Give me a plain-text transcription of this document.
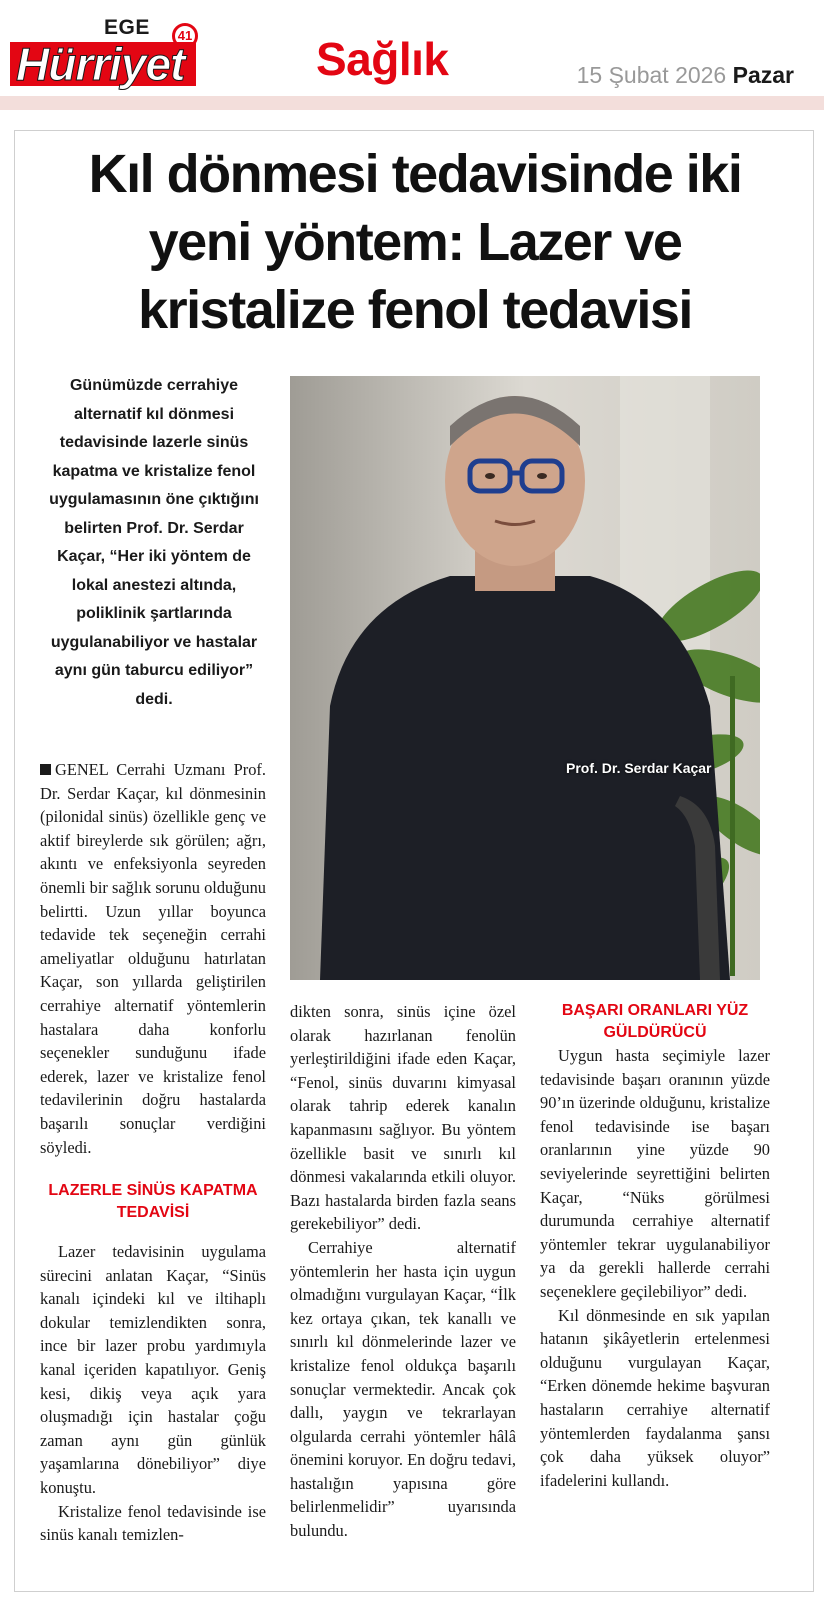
EGE	41
Hürriyet	Sağlık	15 Şubat 2026 Pazar
Kıl dönmesi tedavisinde iki yeni yöntem: Lazer ve kristalize fenol tedavisi
Günümüzde cerrahiye alternatif kıl dönmesi tedavisinde lazerle sinüs kapatma ve kristalize fenol uygulamasının öne çıktığını belirten Prof. Dr. Serdar Kaçar, “Her iki yöntem de lokal anestezi altında, poliklinik şartlarında uygulanabiliyor ve hastalar aynı gün taburcu ediliyor” dedi.
Prof. Dr. Serdar Kaçar

GENEL Cerrahi Uzmanı Prof. Dr. Serdar Kaçar, kıl dönmesinin (pilonidal sinüs) özellikle genç ve aktif bireylerde sık görülen; ağrı, akıntı ve enfeksiyonla seyreden önemli bir sağlık sorunu olduğunu belirtti. Uzun yıllar boyunca tedavide tek seçeneğin cerrahi ameliyatlar olduğunu hatırlatan Kaçar, son yıllarda geliştirilen cerrahiye alternatif yöntemlerin hastalara daha konforlu seçenekler sunduğunu ifade ederek, lazer ve kristalize fenol tedavilerinin doğru hastalarda başarılı sonuçlar verdiğini söyledi.

LAZERLE SİNÜS KAPATMA TEDAVİSİ

Lazer tedavisinin uygulama sürecini anlatan Kaçar, “Sinüs kanalı içindeki kıl ve iltihaplı dokular temizlendikten sonra, ince bir lazer probu yardımıyla kanal içeriden kapatılıyor. Geniş kesi, dikiş veya açık yara oluşmadığı için hastalar çoğu zaman aynı gün günlük yaşamlarına dönebiliyor” diye konuştu.

Kristalize fenol tedavisinde ise sinüs kanalı temizlen-

dikten sonra, sinüs içine özel olarak hazırlanan fenolün yerleştirildiğini ifade eden Kaçar, “Fenol, sinüs duvarını kimyasal olarak tahrip ederek kanalın kapanmasını sağlıyor. Bu yöntem özellikle basit ve sınırlı kıl dönmesi vakalarında etkili oluyor. Bazı hastalarda birden fazla seans gerekebiliyor” dedi.

Cerrahiye alternatif yöntemlerin her hasta için uygun olmadığını vurgulayan Kaçar, “İlk kez ortaya çıkan, tek kanallı ve sınırlı kıl dönmelerinde lazer ve kristalize fenol oldukça başarılı sonuçlar vermektedir. Ancak çok dallı, yaygın ve tekrarlayan olgularda cerrahi yöntemler hâlâ önemini koruyor. En doğru tedavi, hastalığın yapısına göre belirlenmelidir” uyarısında bulundu.

BAŞARI ORANLARI YÜZ GÜLDÜRÜCÜ

Uygun hasta seçimiyle lazer tedavisinde başarı oranının yüzde 90’ın üzerinde olduğunu, kristalize fenol tedavisinde ise başarı oranlarının yine yüzde 90 seviyelerinde seyrettiğini belirten Kaçar, “Nüks görülmesi durumunda cerrahiye alternatif yöntemler tekrar uygulanabiliyor ya da gerekli hallerde cerrahi seçeneklere geçilebiliyor” dedi.

Kıl dönmesinde en sık yapılan hatanın şikâyetlerin ertelenmesi olduğunu vurgulayan Kaçar, “Erken dönemde hekime başvuran hastaların cerrahiye alternatif yöntemlerden faydalanma şansı çok daha yüksek oluyor” ifadelerini kullandı.
